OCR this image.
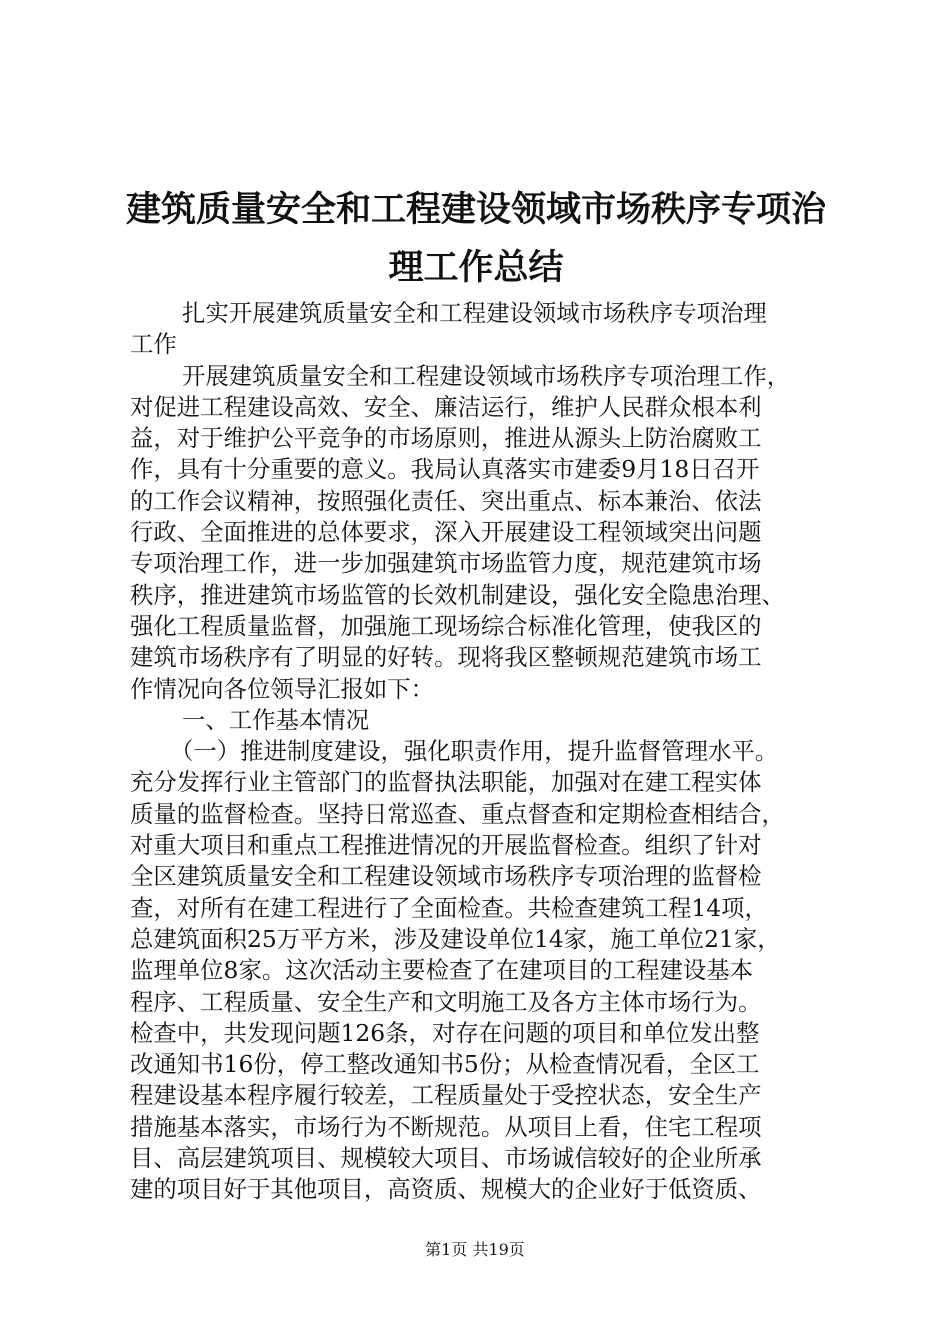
建筑质量安全和工程建设领域市场秩序专项治
理工作总结
扎实开展建筑质量安全和工程建设领域市场秩序专项治理
工作
开展建筑质量安全和工程建设领域市场秩序专项治理工作，
对促进工程建设高效、安全、廉洁运行，维护人民群众根本利
益，对于维护公平竞争的市场原则，推进从源头上防治腐败工
作，具有十分重要的意义。我局认真落实市建委9月18日召开
的工作会议精神，按照强化责任、突出重点、标本兼治、依法
行政、全面推进的总体要求，深入开展建设工程领域突出问题
专项治理工作，进一步加强建筑市场监管力度，规范建筑市场
秩序，推进建筑市场监管的长效机制建设，强化安全隐患治理、
强化工程质量监督，加强施工现场综合标准化管理，使我区的
建筑市场秩序有了明显的好转。现将我区整顿规范建筑市场工
作情况向各位领导汇报如下：
一、工作基本情况
（一）推进制度建设，强化职责作用，提升监督管理水平。
充分发挥行业主管部门的监督执法职能，加强对在建工程实体
质量的监督检查。坚持日常巡查、重点督查和定期检查相结合，
对重大项目和重点工程推进情况的开展监督检查。组织了针对
全区建筑质量安全和工程建设领域市场秩序专项治理的监督检
查，对所有在建工程进行了全面检查。共检查建筑工程14项，
总建筑面积25万平方米，涉及建设单位14家，施工单位21家，
监理单位8家。这次活动主要检查了在建项目的工程建设基本
程序、工程质量、安全生产和文明施工及各方主体市场行为。
检查中，共发现问题126条，对存在问题的项目和单位发出整
改通知书16份，停工整改通知书5份；从检查情况看，全区工
程建设基本程序履行较差，工程质量处于受控状态，安全生产
措施基本落实，市场行为不断规范。从项目上看，住宅工程项
目、高层建筑项目、规模较大项目、市场诚信较好的企业所承
建的项目好于其他项目，高资质、规模大的企业好于低资质、
第1页 共19页
